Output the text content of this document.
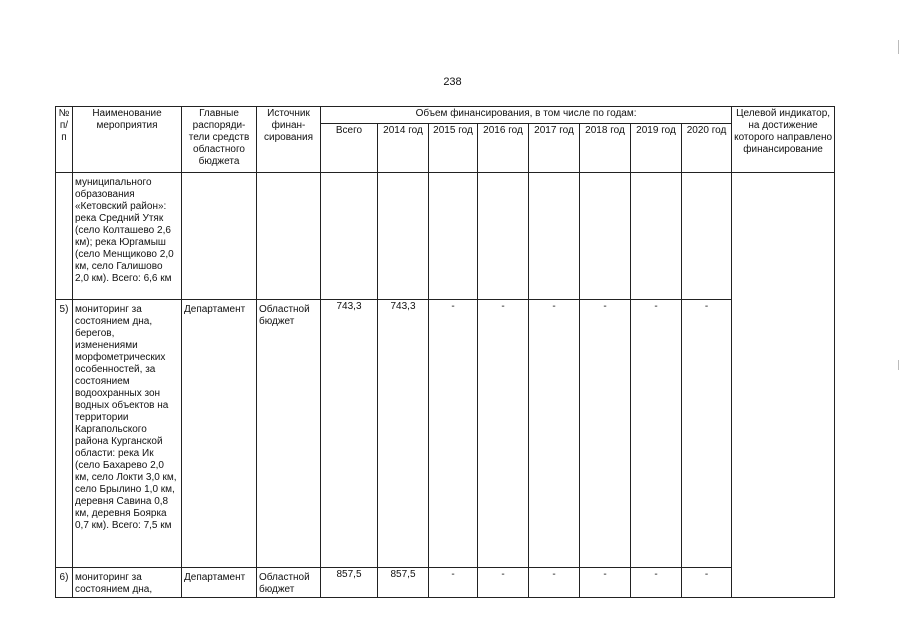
238
№ п/п	Наименование мероприятия	Главные распоряди-тели средств областного бюджета	Источник финан-сирования	Объем финансирования, в том числе по годам:								Целевой индикатор, на достижение которого направлено финансирование
				Всего	2014 год	2015 год	2016 год	2017 год	2018 год	2019 год	2020 год	
	муниципального образования «Кетовский район»: река Средний Утяк (село Колташево 2,6 км); река Юргамыш (село Менщиково 2,0 км, село Галишово 2,0 км). Всего: 6,6 км											
5)	мониторинг за состоянием дна, берегов, изменениями морфометрических особенностей, за состоянием водоохранных зон водных объектов на территории Каргапольского района Курганской области: река Ик (село Бахарево 2,0 км, село Локти 3,0 км, село Брылино 1,0 км, деревня Савина 0,8 км, деревня Боярка 0,7 км). Всего: 7,5 км	Департамент	Областной бюджет	743,3	743,3	-	-	-	-	-	-	
6)	мониторинг за состоянием дна,	Департамент	Областной бюджет	857,5	857,5	-	-	-	-	-	-	
